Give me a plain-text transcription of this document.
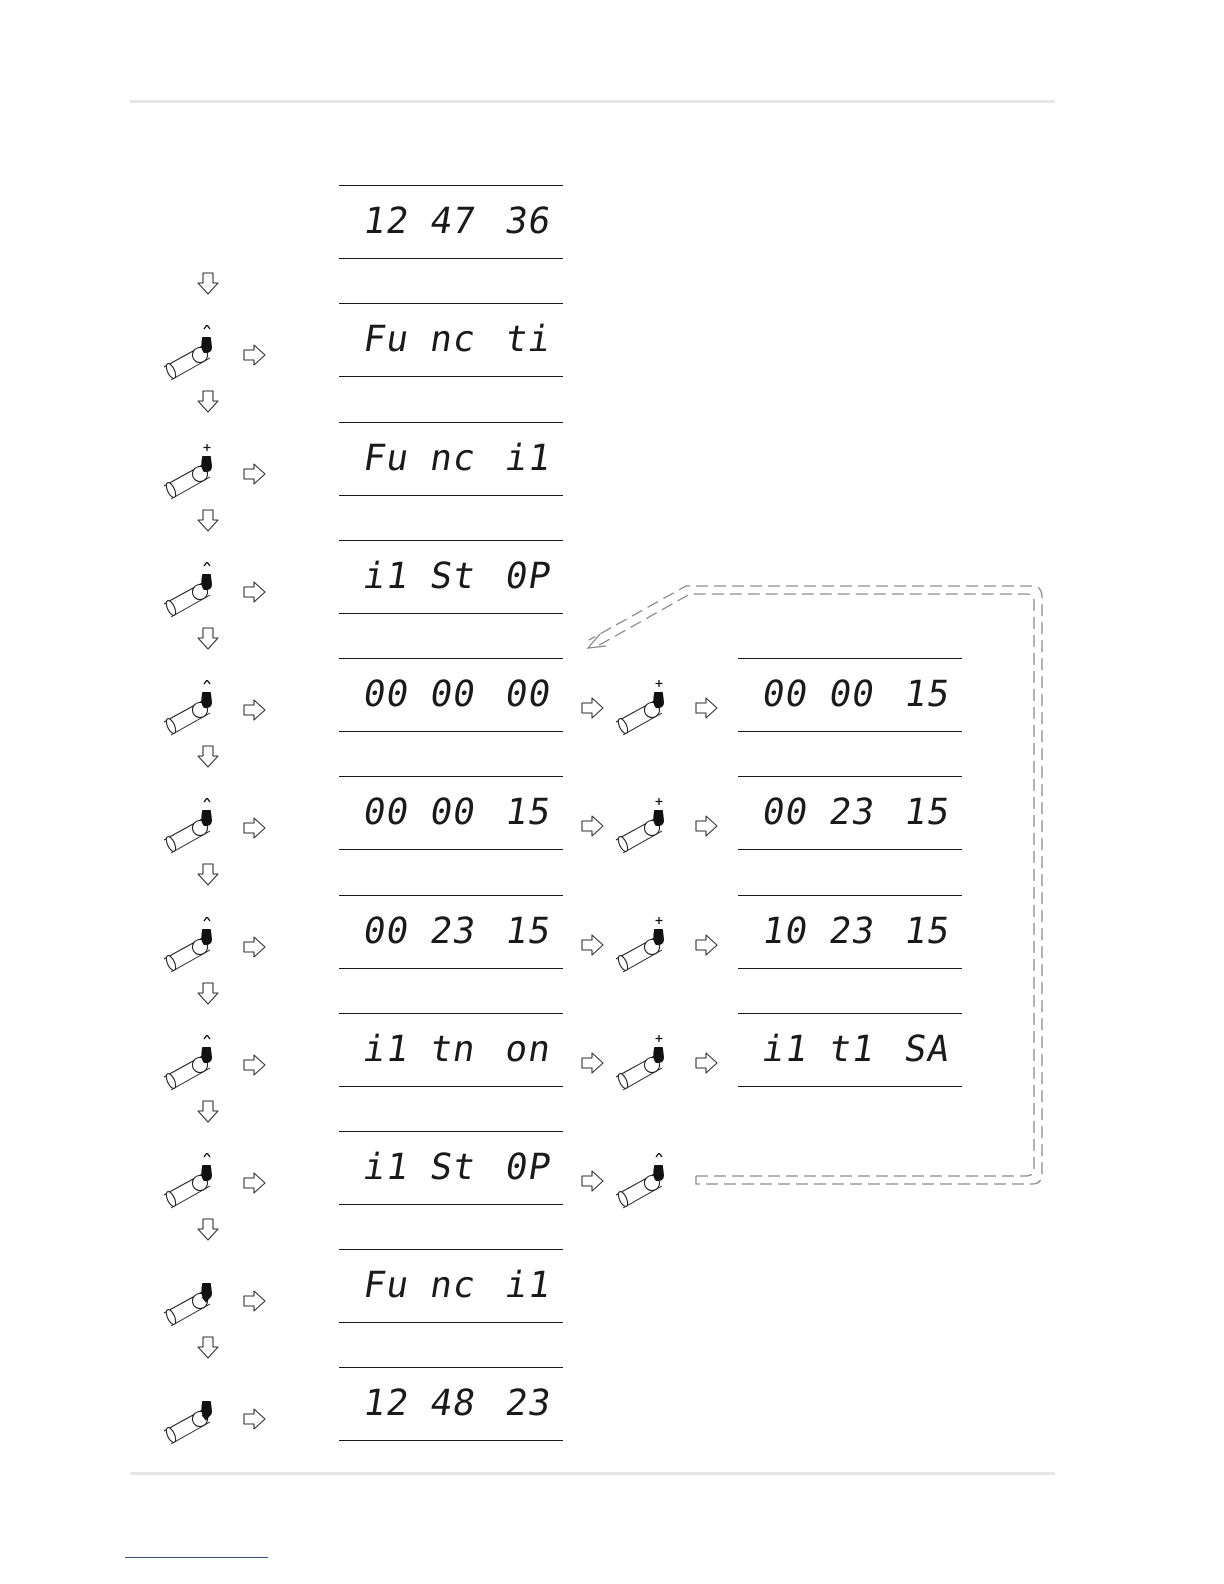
12 47 36
Fu nc ti
Fu nc i1
i1 St 0P
00 00 00
00 00 15
00 23 15
i1 tn on
i1 St 0P
Fu nc i1
12 48 23
00 00 15
00 23 15
10 23 15
i1 t1 SA
